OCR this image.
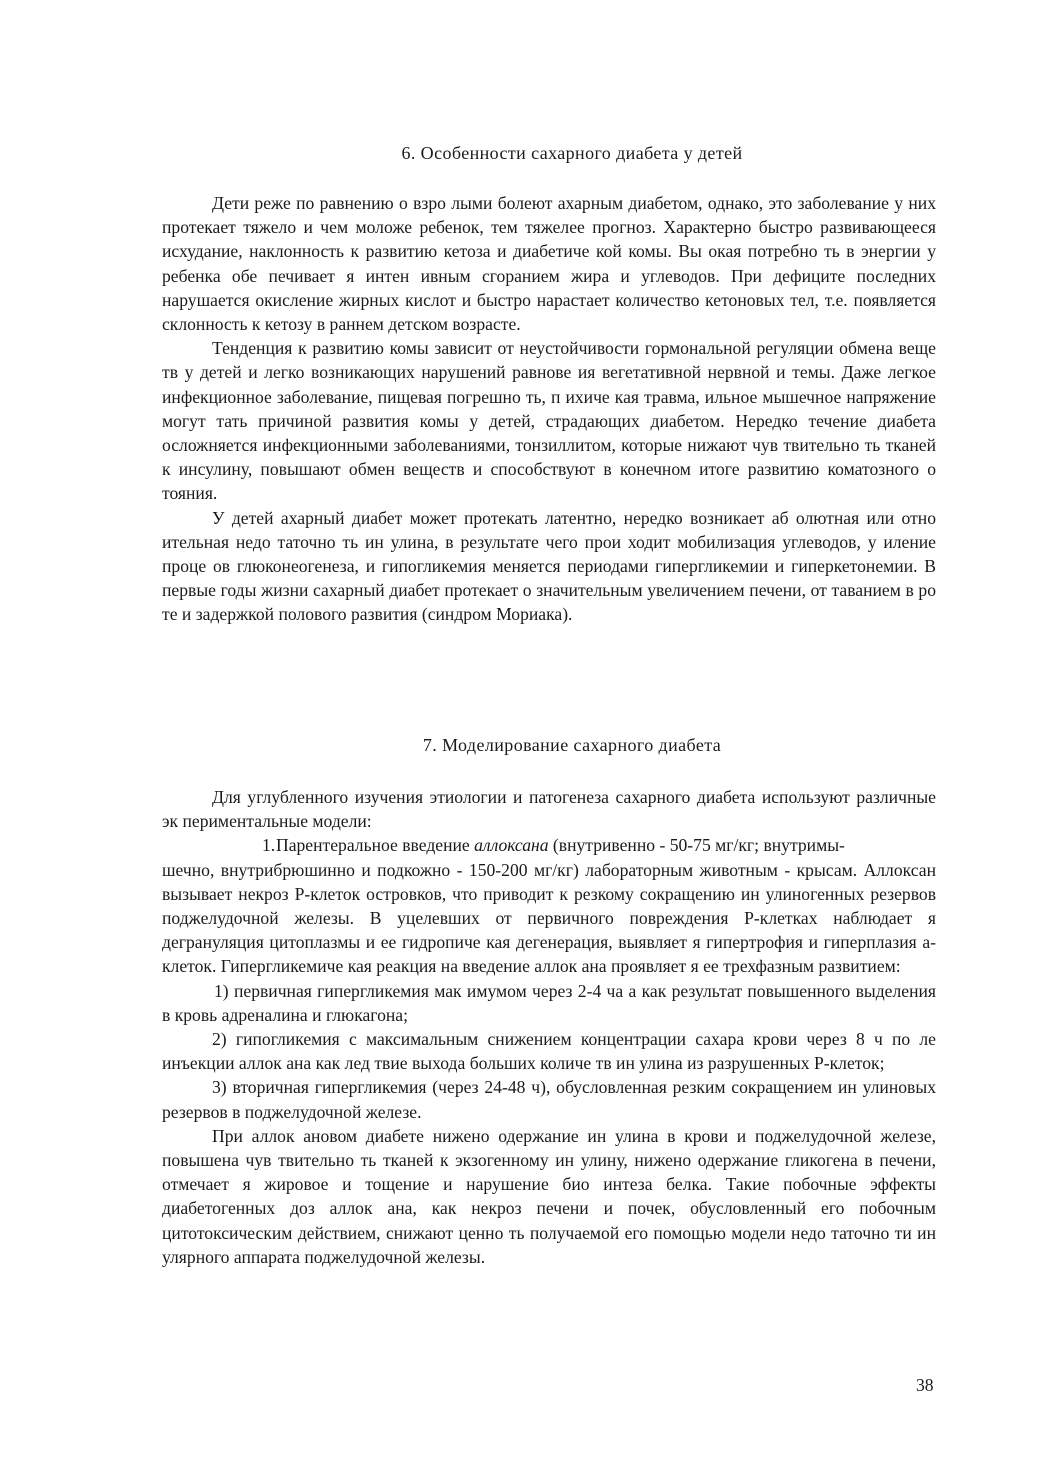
6. Особенности сахарного диабета у детей

Дети реже по равнению о взро лыми болеют ахарным диабетом, однако, это заболевание у них протекает тяжело и чем моложе ребенок, тем тяжелее прогноз. Характерно быстро развивающееся исхудание, наклонность к развитию кетоза и диабетиче кой комы. Вы окая потребно ть в энергии у ребенка обе печивает я интен ивным сгоранием жира и углеводов. При дефиците последних нарушается окисление жирных кислот и быстро нарастает количество кетоновых тел, т.е. появляется склонность к кетозу в раннем детском возрасте.

Тенденция к развитию комы зависит от неустойчивости гормональной регуляции обмена веще тв у детей и легко возникающих нарушений равнове ия вегетативной нервной и темы. Даже легкое инфекционное заболевание, пищевая погрешно ть, п ихиче кая травма, ильное мышечное напряжение могут тать причиной развития комы у детей, страдающих диабетом. Нередко течение диабета осложняется инфекционными заболеваниями, тонзиллитом, которые нижают чув твительно ть тканей к инсулину, повышают обмен веществ и способствуют в конечном итоге развитию коматозного о тояния.

У детей ахарный диабет может протекать латентно, нередко возникает аб олютная или отно ительная недо таточно ть ин улина, в результате чего прои ходит мобилизация углеводов, у иление проце ов глюконеогенеза, и гипогликемия меняется периодами гипергликемии и гиперкетонемии. В первые годы жизни сахарный диабет протекает о значительным увеличением печени, от таванием в ро те и задержкой полового развития (синдром Мориака).

7. Моделирование сахарного диабета

Для углубленного изучения этиологии и патогенеза сахарного диабета используют различные эк периментальные модели:

1.Парентеральное введение аллоксана (внутривенно - 50-75 мг/кг; внутримы-

шечно, внутрибрюшинно и подкожно - 150-200 мг/кг) лабораторным животным - крысам. Аллоксан вызывает некроз Р-клеток островков, что приводит к резкому сокращению ин улиногенных резервов поджелудочной железы. В уцелевших от первичного повреждения Р-клетках наблюдает я дегрануляция цитоплазмы и ее гидропиче кая дегенерация, выявляет я гипертрофия и гиперплазия а-клеток. Гипергликемиче кая реакция на введение аллок ана проявляет я ее трехфазным развитием:

1) первичная гипергликемия мак имумом через 2-4 ча а как результат повышенного выделения в кровь адреналина и глюкагона;

2) гипогликемия с максимальным снижением концентрации сахара крови через 8 ч по ле инъекции аллок ана как лед твие выхода больших количе тв ин улина из разрушенных Р-клеток;

3) вторичная гипергликемия (через 24-48 ч), обусловленная резким сокращением ин улиновых резервов в поджелудочной железе.

При аллок ановом диабете нижено одержание ин улина в крови и поджелудочной железе, повышена чув твительно ть тканей к экзогенному ин улину, нижено одержание гликогена в печени, отмечает я жировое и тощение и нарушение био интеза белка. Такие побочные эффекты диабетогенных доз аллок ана, как некроз печени и почек, обусловленный его побочным цитотоксическим действием, снижают ценно ть получаемой его помощью модели недо таточно ти ин улярного аппарата поджелудочной железы.

38
